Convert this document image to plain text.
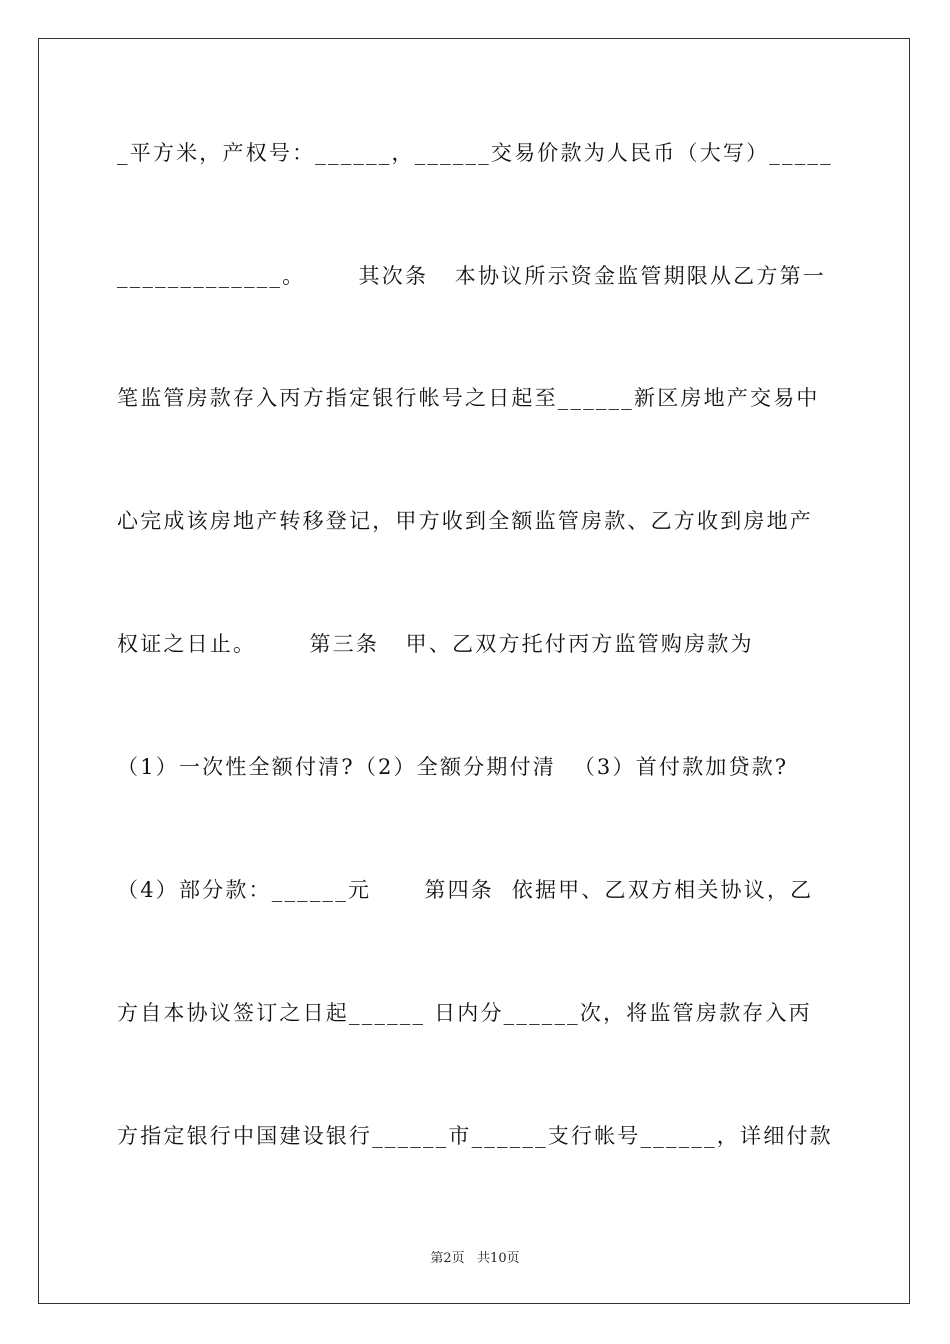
_平方米，产权号：______，______交易价款为人民币（大写）_____
_____________。      其次条   本协议所示资金监管期限从乙方第一
笔监管房款存入丙方指定银行帐号之日起至______新区房地产交易中
心完成该房地产转移登记，甲方收到全额监管房款、乙方收到房地产
权证之日止。      第三条   甲、乙双方托付丙方监管购房款为
（1）一次性全额付清?（2）全额分期付清  （3）首付款加贷款?
（4）部分款：______元      第四条  依据甲、乙双方相关协议，乙
方自本协议签订之日起______ 日内分______次，将监管房款存入丙
方指定银行中国建设银行______市______支行帐号______，详细付款
第2页   共10页
